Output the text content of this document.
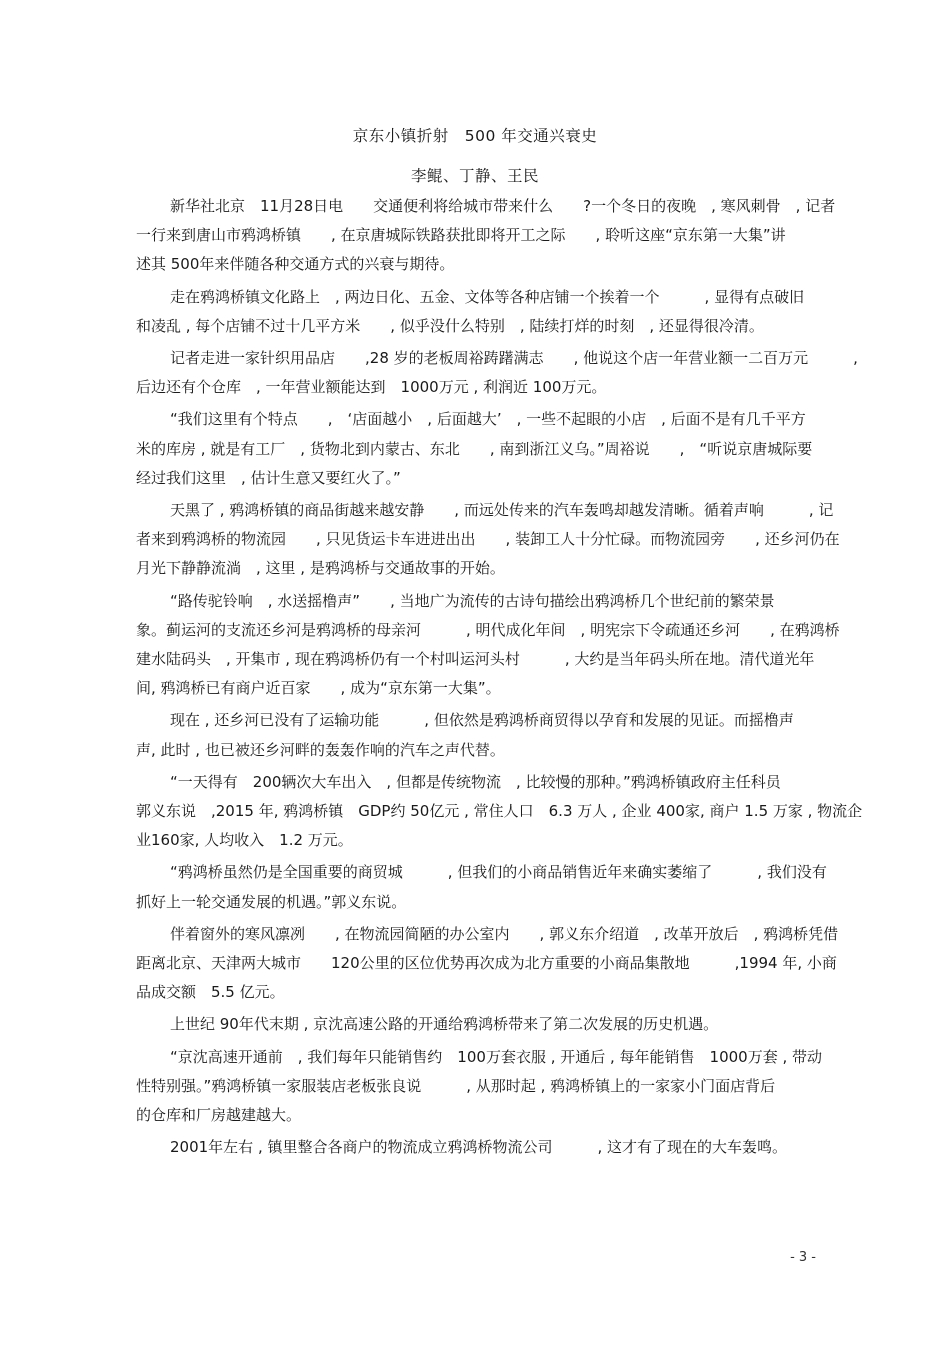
京东小镇折射　500 年交通兴衰史
李鲲、丁静、王民

新华社北京　11月28日电　　交通便利将给城市带来什么　　?一个冬日的夜晚　, 寒风刺骨　, 记者
一行来到唐山市鸦鸿桥镇　　, 在京唐城际铁路获批即将开工之际　　, 聆听这座“京东第一大集”讲
述其 500年来伴随各种交通方式的兴衰与期待。

走在鸦鸿桥镇文化路上　, 两边日化、五金、文体等各种店铺一个挨着一个　　　, 显得有点破旧
和凌乱 , 每个店铺不过十几平方米　　, 似乎没什么特别　, 陆续打烊的时刻　, 还显得很冷清。

记者走进一家针织用品店　　,28 岁的老板周裕踌躇满志　　, 他说这个店一年营业额一二百万元　　　,
后边还有个仓库　, 一年营业额能达到　1000万元 , 利润近 100万元。

“我们这里有个特点　　,　‘店面越小　, 后面越大’　, 一些不起眼的小店　, 后面不是有几千平方
米的库房 , 就是有工厂　, 货物北到内蒙古、东北　　, 南到浙江义乌。”周裕说　　,　“听说京唐城际要
经过我们这里　, 估计生意又要红火了。”

天黑了 , 鸦鸿桥镇的商品街越来越安静　　, 而远处传来的汽车轰鸣却越发清晰。循着声响　　　, 记
者来到鸦鸿桥的物流园　　, 只见货运卡车进进出出　　, 装卸工人十分忙碌。而物流园旁　　, 还乡河仍在
月光下静静流淌　, 这里 , 是鸦鸿桥与交通故事的开始。

“路传驼铃响　, 水送摇橹声”　　, 当地广为流传的古诗句描绘出鸦鸿桥几个世纪前的繁荣景
象。蓟运河的支流还乡河是鸦鸿桥的母亲河　　　, 明代成化年间　, 明宪宗下令疏通还乡河　　, 在鸦鸿桥
建水陆码头　, 开集市 , 现在鸦鸿桥仍有一个村叫运河头村　　　, 大约是当年码头所在地。清代道光年
间, 鸦鸿桥已有商户近百家　　, 成为“京东第一大集”。

现在 , 还乡河已没有了运输功能　　　, 但依然是鸦鸿桥商贸得以孕育和发展的见证。而摇橹声
声, 此时 , 也已被还乡河畔的轰轰作响的汽车之声代替。

“一天得有　200辆次大车出入　, 但都是传统物流　, 比较慢的那种。”鸦鸿桥镇政府主任科员
郭义东说　,2015 年, 鸦鸿桥镇　GDP约 50亿元 , 常住人口　6.3 万人 , 企业 400家, 商户 1.5 万家 , 物流企
业160家, 人均收入　1.2 万元。

“鸦鸿桥虽然仍是全国重要的商贸城　　　, 但我们的小商品销售近年来确实萎缩了　　　, 我们没有
抓好上一轮交通发展的机遇。”郭义东说。

伴着窗外的寒风凛冽　　, 在物流园简陋的办公室内　　, 郭义东介绍道　, 改革开放后　, 鸦鸿桥凭借
距离北京、天津两大城市　　120公里的区位优势再次成为北方重要的小商品集散地　　　,1994 年, 小商
品成交额　5.5 亿元。

上世纪 90年代末期 , 京沈高速公路的开通给鸦鸿桥带来了第二次发展的历史机遇。

“京沈高速开通前　, 我们每年只能销售约　100万套衣服 , 开通后 , 每年能销售　1000万套 , 带动
性特别强。”鸦鸿桥镇一家服装店老板张良说　　　, 从那时起 , 鸦鸿桥镇上的一家家小门面店背后
的仓库和厂房越建越大。

2001年左右 , 镇里整合各商户的物流成立鸦鸿桥物流公司　　　, 这才有了现在的大车轰鸣。

- 3 -
